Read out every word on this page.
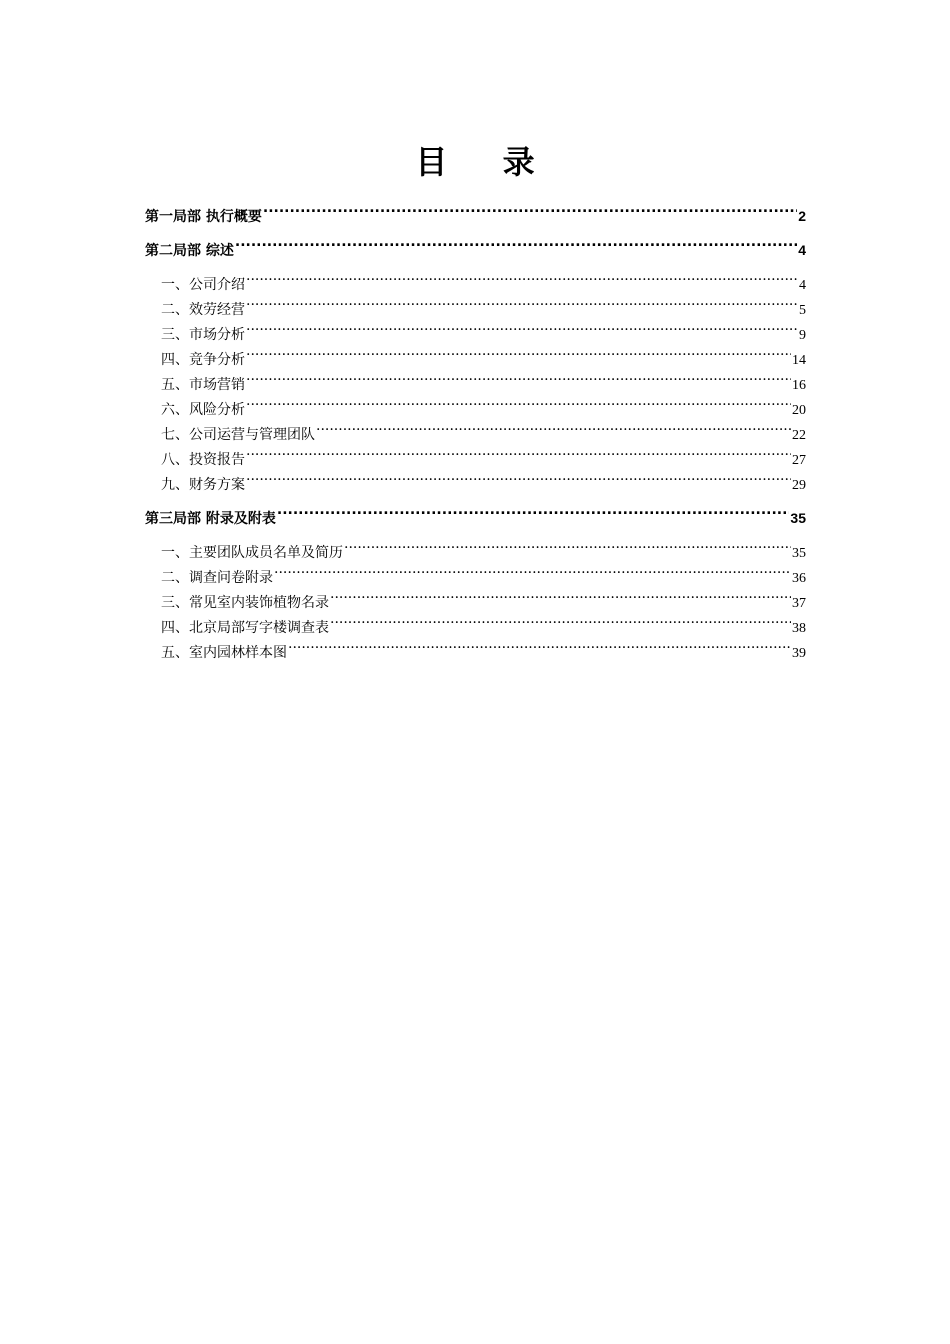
目 录
第一局部 执行概要 .....	2
第二局部 综述 .....	4
一、公司介绍 .....	4
二、效劳经营 .....	5
三、市场分析 .....	9
四、竞争分析 .....	14
五、市场营销 .....	16
六、风险分析 .....	20
七、公司运营与管理团队 .....	22
八、投资报告 .....	27
九、财务方案 .....	29
第三局部 附录及附表 .....	35
一、主要团队成员名单及简历 .....	35
二、调查问卷附录 .....	36
三、常见室内装饰植物名录 .....	37
四、北京局部写字楼调查表 .....	38
五、室内园林样本图 .....	39
